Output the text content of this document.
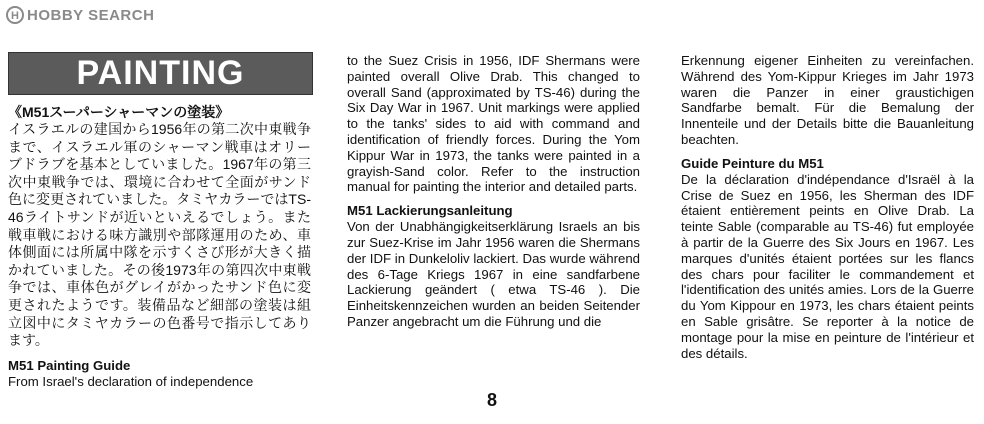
H HOBBY SEARCH
PAINTING
《M51スーパーシャーマンの塗装》

イスラエルの建国から1956年の第二次中東戦争まで、イスラエル軍のシャーマン戦車はオリーブドラブを基本としていました。1967年の第三次中東戦争では、環境に合わせて全面がサンド色に変更されていました。タミヤカラーではTS-46ライトサンドが近いといえるでしょう。また戦車戦における味方識別や部隊運用のため、車体側面には所属中隊を示すくさび形が大きく描かれていました。その後1973年の第四次中東戦争では、車体色がグレイがかったサンド色に変更されたようです。装備品など細部の塗装は組立図中にタミヤカラーの色番号で指示してあります。

M51 Painting Guide

From Israel's declaration of independence

to the Suez Crisis in 1956, IDF Shermans were painted overall Olive Drab. This changed to overall Sand (approximated by TS-46) during the Six Day War in 1967. Unit markings were applied to the tanks' sides to aid with command and identification of friendly forces. During the Yom Kippur War in 1973, the tanks were painted in a grayish-Sand color. Refer to the instruction manual for painting the interior and detailed parts.

M51 Lackierungsanleitung

Von der Unabhängigkeitserklärung Israels an bis zur Suez-Krise im Jahr 1956 waren die Shermans der IDF in Dunkeloliv lackiert. Das wurde während des 6-Tage Kriegs 1967 in eine sandfarbene Lackierung geändert ( etwa TS-46 ). Die Einheitskennzeichen wurden an beiden Seitender Panzer angebracht um die Führung und die

Erkennung eigener Einheiten zu vereinfachen. Während des Yom-Kippur Krieges im Jahr 1973 waren die Panzer in einer graustichigen Sandfarbe bemalt. Für die Bemalung der Innenteile und der Details bitte die Bauanleitung beachten.

Guide Peinture du M51

De la déclaration d'indépendance d'Israël à la Crise de Suez en 1956, les Sherman des IDF étaient entièrement peints en Olive Drab. La teinte Sable (comparable au TS-46) fut employée à partir de la Guerre des Six Jours en 1967. Les marques d'unités étaient portées sur les flancs des chars pour faciliter le commandement et l'identification des unités amies. Lors de la Guerre du Yom Kippour en 1973, les chars étaient peints en Sable grisâtre. Se reporter à la notice de montage pour la mise en peinture de l'intérieur et des détails.

8
